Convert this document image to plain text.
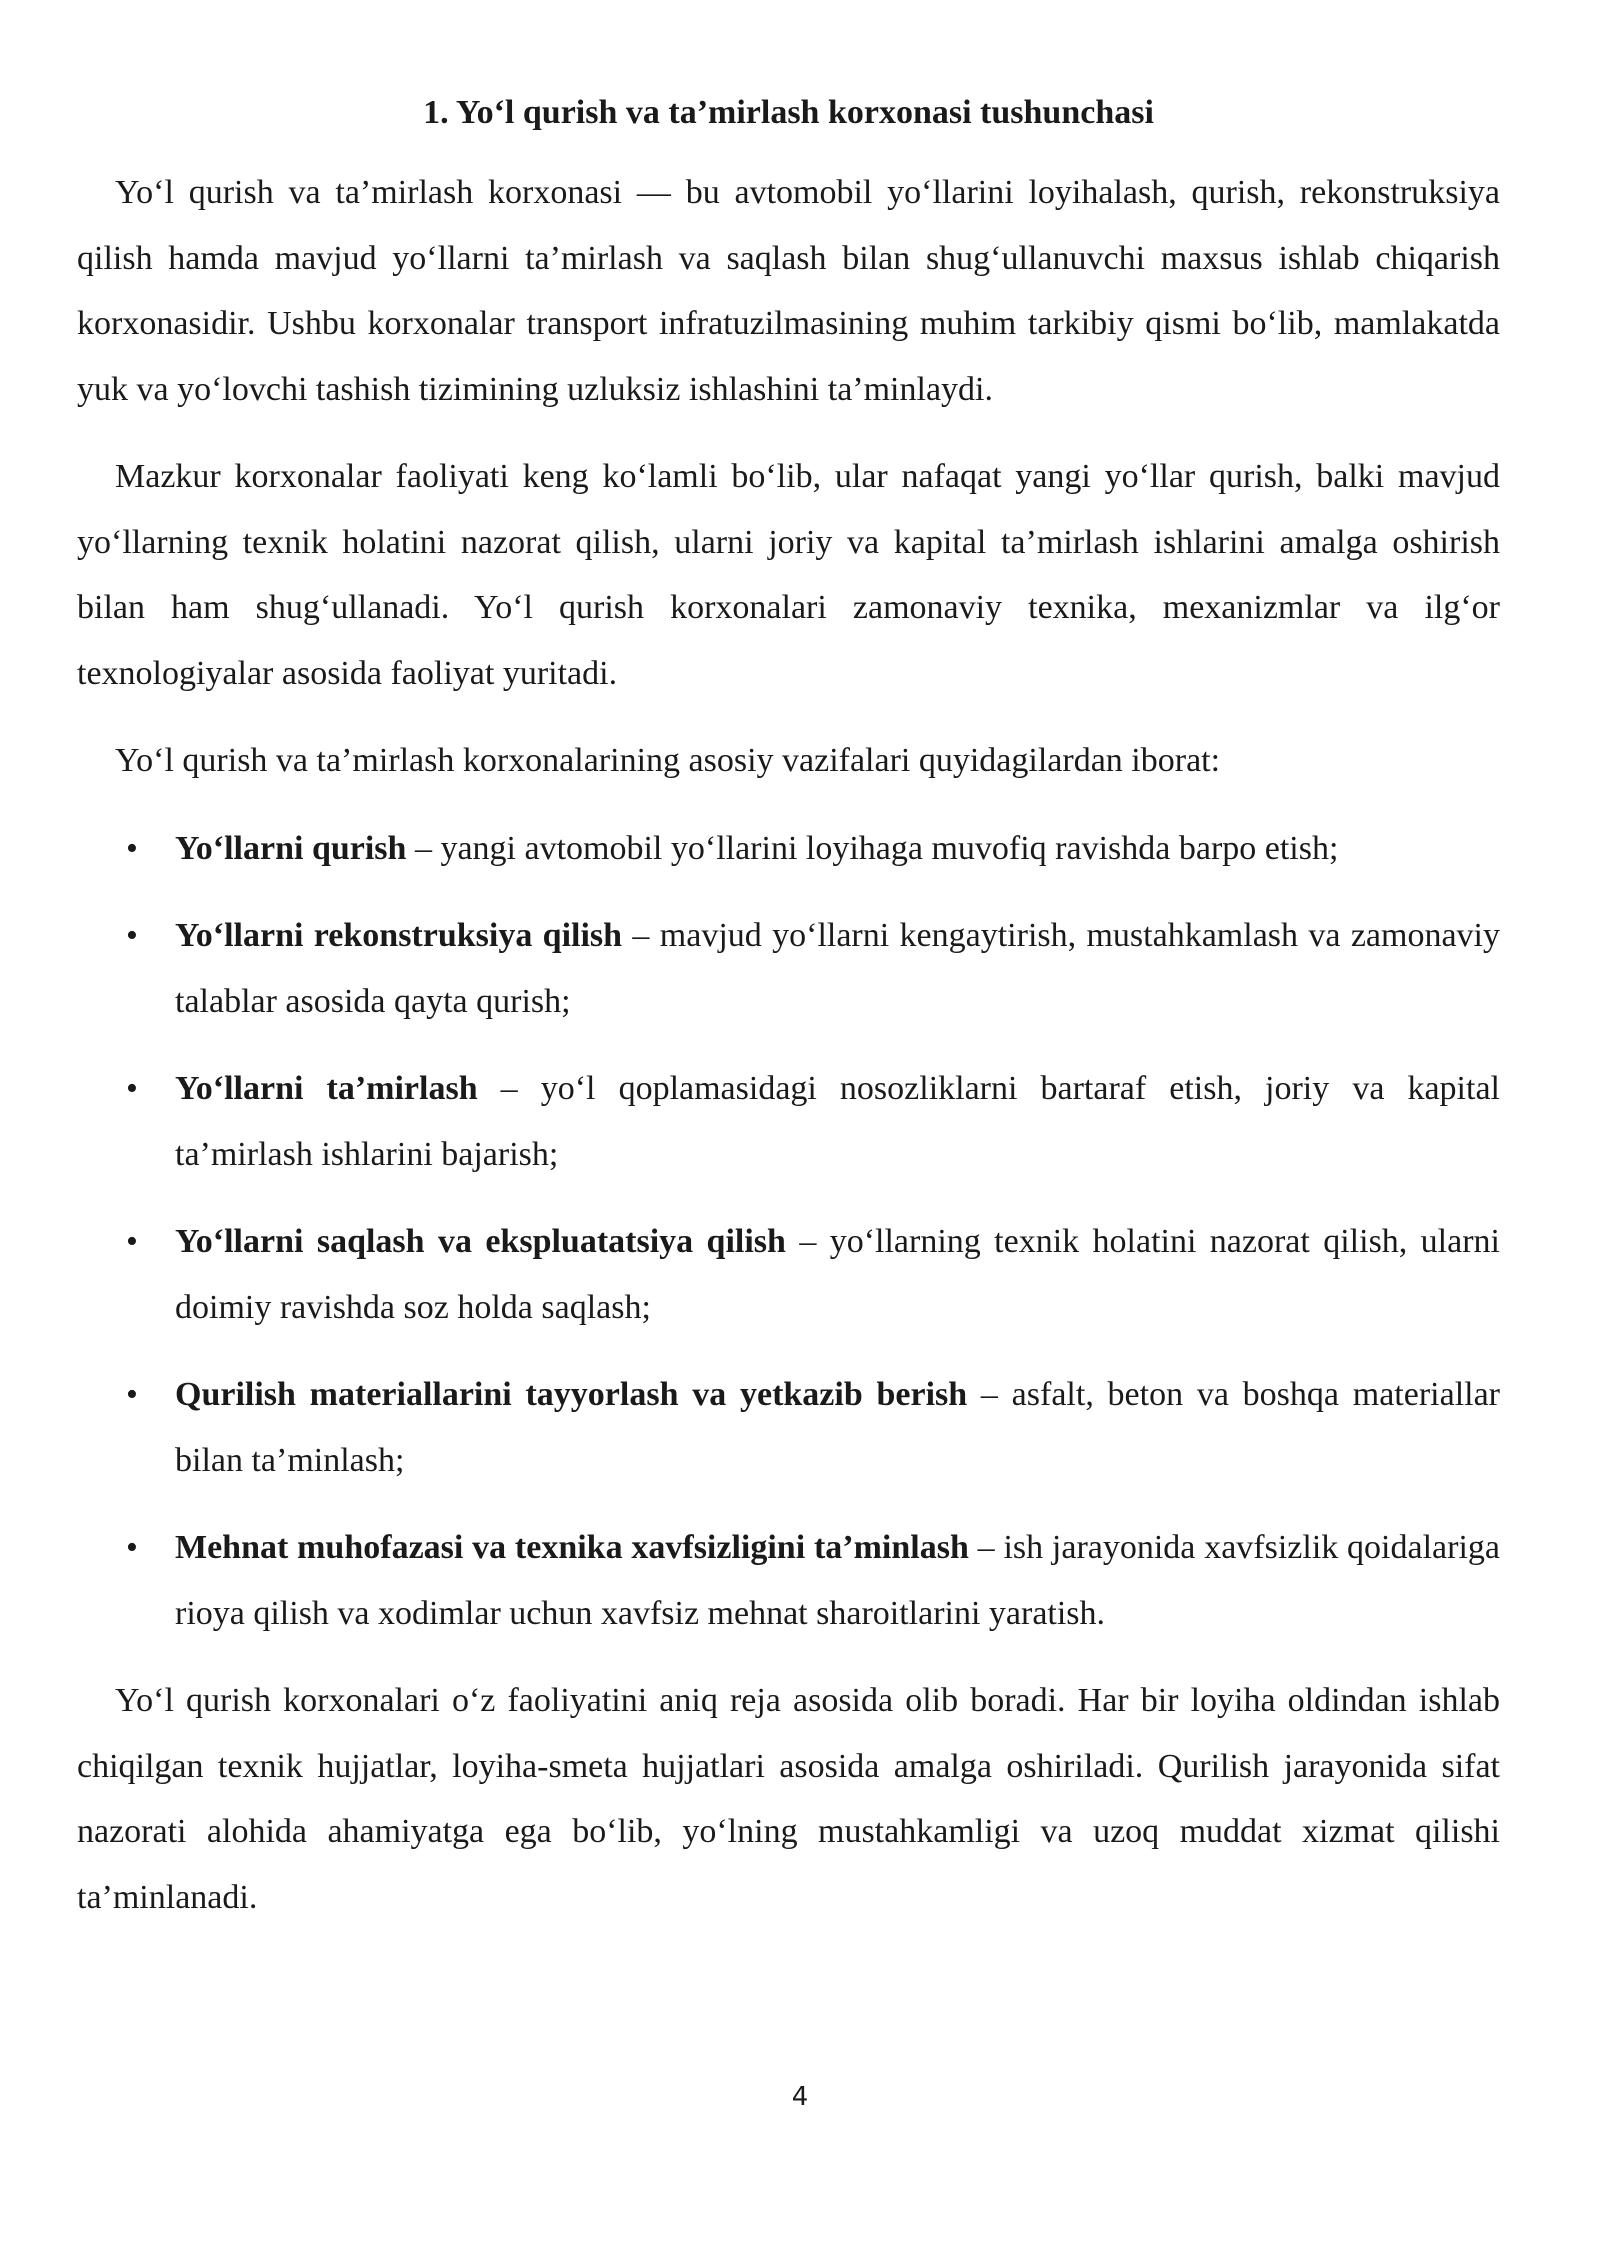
1. Yo‘l qurish va ta’mirlash korxonasi tushunchasi

Yo‘l qurish va ta’mirlash korxonasi — bu avtomobil yo‘llarini loyihalash, qurish, rekonstruksiya qilish hamda mavjud yo‘llarni ta’mirlash va saqlash bilan shug‘ullanuvchi maxsus ishlab chiqarish korxonasidir. Ushbu korxonalar transport infratuzilmasining muhim tarkibiy qismi bo‘lib, mamlakatda yuk va yo‘lovchi tashish tizimining uzluksiz ishlashini ta’minlaydi.

Mazkur korxonalar faoliyati keng ko‘lamli bo‘lib, ular nafaqat yangi yo‘llar qurish, balki mavjud yo‘llarning texnik holatini nazorat qilish, ularni joriy va kapital ta’mirlash ishlarini amalga oshirish bilan ham shug‘ullanadi. Yo‘l qurish korxonalari zamonaviy texnika, mexanizmlar va ilg‘or texnologiyalar asosida faoliyat yuritadi.

Yo‘l qurish va ta’mirlash korxonalarining asosiy vazifalari quyidagilardan iborat:

• Yo‘llarni qurish – yangi avtomobil yo‘llarini loyihaga muvofiq ravishda barpo etish;
• Yo‘llarni rekonstruksiya qilish – mavjud yo‘llarni kengaytirish, mustahkamlash va zamonaviy talablar asosida qayta qurish;
• Yo‘llarni ta’mirlash – yo‘l qoplamasidagi nosozliklarni bartaraf etish, joriy va kapital ta’mirlash ishlarini bajarish;
• Yo‘llarni saqlash va ekspluatatsiya qilish – yo‘llarning texnik holatini nazorat qilish, ularni doimiy ravishda soz holda saqlash;
• Qurilish materiallarini tayyorlash va yetkazib berish – asfalt, beton va boshqa materiallar bilan ta’minlash;
• Mehnat muhofazasi va texnika xavfsizligini ta’minlash – ish jarayonida xavfsizlik qoidalariga rioya qilish va xodimlar uchun xavfsiz mehnat sharoitlarini yaratish.

Yo‘l qurish korxonalari o‘z faoliyatini aniq reja asosida olib boradi. Har bir loyiha oldindan ishlab chiqilgan texnik hujjatlar, loyiha-smeta hujjatlari asosida amalga oshiriladi. Qurilish jarayonida sifat nazorati alohida ahamiyatga ega bo‘lib, yo‘lning mustahkamligi va uzoq muddat xizmat qilishi ta’minlanadi.

4
